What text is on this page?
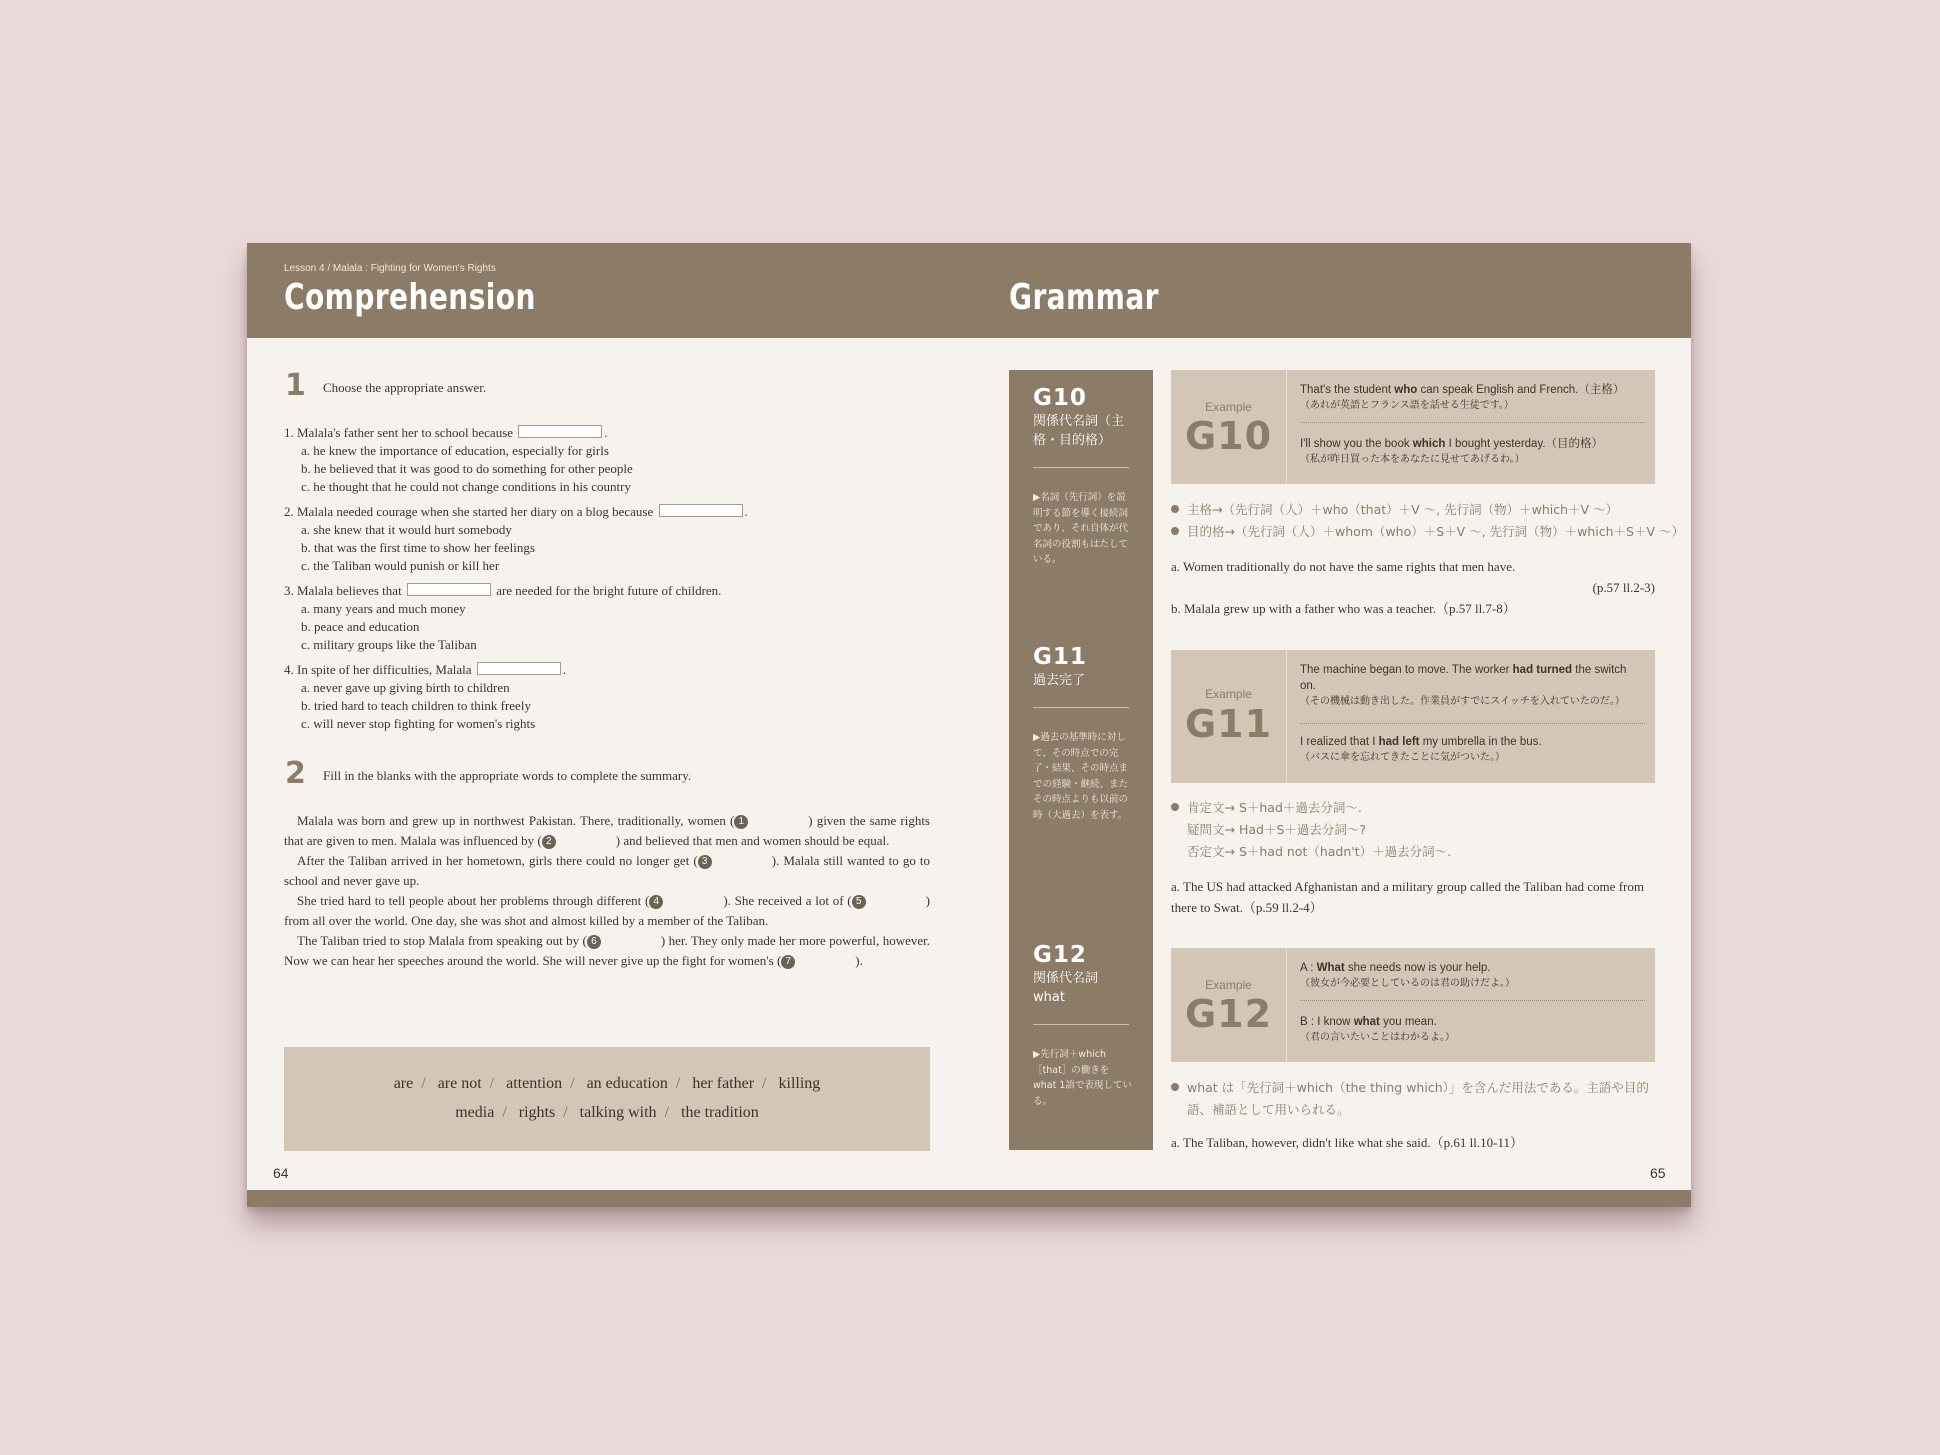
Lesson 4 / Malala : Fighting for Women's Rights
Comprehension	Grammar
1 Choose the appropriate answer.
1. Malala's father sent her to school because	.
a. he knew the importance of education, especially for girls
b. he believed that it was good to do something for other people
c. he thought that he could not change conditions in his country
2. Malala needed courage when she started her diary on a blog because	.
a. she knew that it would hurt somebody
b. that was the first time to show her feelings
c. the Taliban would punish or kill her
3. Malala believes that	are needed for the bright future of children.
a. many years and much money
b. peace and education
c. military groups like the Taliban
4. In spite of her difficulties, Malala	.
a. never gave up giving birth to children
b. tried hard to teach children to think freely
c. will never stop fighting for women's rights
2 Fill in the blanks with the appropriate words to complete the summary.

Malala was born and grew up in northwest Pakistan. There, traditionally, women ( 1	) given the same rights that are given to men. Malala was influenced by ( 2	) and believed that men and women should be equal.

After the Taliban arrived in her hometown, girls there could no longer get ( 3	). Malala still wanted to go to school and never gave up.

She tried hard to tell people about her problems through different ( 4	). She received a lot of ( 5	) from all over the world. One day, she was shot and almost killed by a member of the Taliban.

The Taliban tried to stop Malala from speaking out by ( 6	) her. They only made her more powerful, however. Now we can hear her speeches around the world. She will never give up the fight for women's ( 7	).

are / are not / attention / an education / her father / killing
media / rights / talking with / the tradition
64	65
G10
関係代名詞（主格・目的格）
▶名詞（先行詞）を説明する節を導く接続詞であり、それ自体が代名詞の役割もはたしている。
G11
過去完了
▶過去の基準時に対して、その時点での完了・結果、その時点までの経験・継続、またその時点よりも以前の時（大過去）を表す。
G12
関係代名詞 what
▶先行詞＋which［that］の働きを what 1語で表現している。
Example
G10
That's the student who can speak English and French.（主格）
（あれが英語とフランス語を話せる生徒です。）
I'll show you the book which I bought yesterday.（目的格）
（私が昨日買った本をあなたに見せてあげるわ。）
主格→（先行詞（人）＋who（that）＋V 〜, 先行詞（物）＋which＋V 〜）
目的格→（先行詞（人）＋whom（who）＋S＋V 〜, 先行詞（物）＋which＋S＋V 〜）
a. Women traditionally do not have the same rights that men have.
(p.57 ll.2-3)
b. Malala grew up with a father who was a teacher.（p.57 ll.7-8）
Example
G11
The machine began to move. The worker had turned the switch on.
（その機械は動き出した。作業員がすでにスイッチを入れていたのだ。）
I realized that I had left my umbrella in the bus.
（バスに傘を忘れてきたことに気がついた。）
肯定文→ S＋had＋過去分詞〜.
疑問文→ Had＋S＋過去分詞〜?
否定文→ S＋had not（hadn't）＋過去分詞〜.
a. The US had attacked Afghanistan and a military group called the Taliban had come from there to Swat.（p.59 ll.2-4）
Example
G12
A : What she needs now is your help.
（彼女が今必要としているのは君の助けだよ。）
B : I know what you mean.
（君の言いたいことはわかるよ。）
what は「先行詞＋which（the thing which）」を含んだ用法である。主語や目的
語、補語として用いられる。
a. The Taliban, however, didn't like what she said.（p.61 ll.10-11）
